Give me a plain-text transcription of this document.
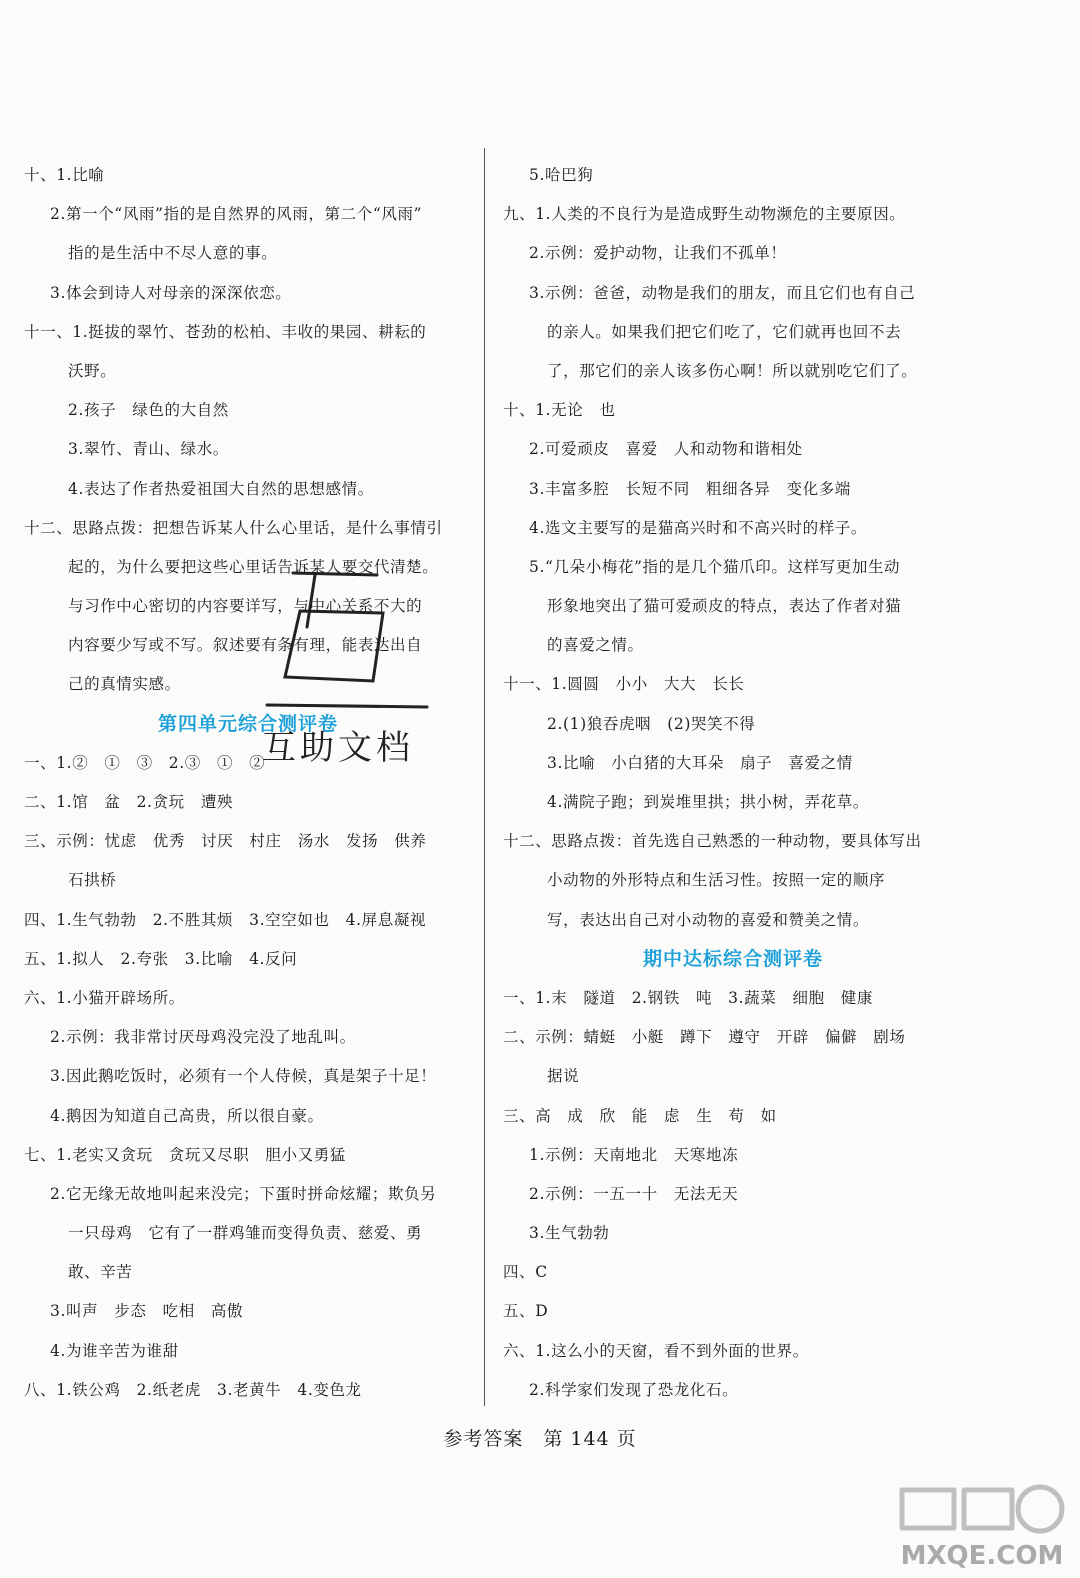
十、1.比喻
2.第一个“风雨”指的是自然界的风雨，第二个“风雨”
指的是生活中不尽人意的事。
3.体会到诗人对母亲的深深依恋。
十一、1.挺拔的翠竹、苍劲的松柏、丰收的果园、耕耘的
沃野。
2.孩子　绿色的大自然
3.翠竹、青山、绿水。
4.表达了作者热爱祖国大自然的思想感情。
十二、思路点拨：把想告诉某人什么心里话，是什么事情引
起的，为什么要把这些心里话告诉某人要交代清楚。
与习作中心密切的内容要详写，与中心关系不大的
内容要少写或不写。叙述要有条有理，能表达出自
己的真情实感。
第四单元综合测评卷
一、1.②　①　③　2.③　①　②
二、1.馆　盆　2.贪玩　遭殃
三、示例：忧虑　优秀　讨厌　村庄　汤水　发扬　供养
石拱桥
四、1.生气勃勃　2.不胜其烦　3.空空如也　4.屏息凝视
五、1.拟人　2.夸张　3.比喻　4.反问
六、1.小猫开辟场所。
2.示例：我非常讨厌母鸡没完没了地乱叫。
3.因此鹅吃饭时，必须有一个人侍候，真是架子十足！
4.鹅因为知道自己高贵，所以很自豪。
七、1.老实又贪玩　贪玩又尽职　胆小又勇猛
2.它无缘无故地叫起来没完；下蛋时拼命炫耀；欺负另
一只母鸡　它有了一群鸡雏而变得负责、慈爱、勇
敢、辛苦
3.叫声　步态　吃相　高傲
4.为谁辛苦为谁甜
八、1.铁公鸡　2.纸老虎　3.老黄牛　4.变色龙
5.哈巴狗
九、1.人类的不良行为是造成野生动物濒危的主要原因。
2.示例：爱护动物，让我们不孤单！
3.示例：爸爸，动物是我们的朋友，而且它们也有自己
的亲人。如果我们把它们吃了，它们就再也回不去
了，那它们的亲人该多伤心啊！所以就别吃它们了。
十、1.无论　也
2.可爱顽皮　喜爱　人和动物和谐相处
3.丰富多腔　长短不同　粗细各异　变化多端
4.选文主要写的是猫高兴时和不高兴时的样子。
5.“几朵小梅花”指的是几个猫爪印。这样写更加生动
形象地突出了猫可爱顽皮的特点，表达了作者对猫
的喜爱之情。
十一、1.圆圆　小小　大大　长长
2.(1)狼吞虎咽　(2)哭笑不得
3.比喻　小白猪的大耳朵　扇子　喜爱之情
4.满院子跑；到炭堆里拱；拱小树，弄花草。
十二、思路点拨：首先选自己熟悉的一种动物，要具体写出
小动物的外形特点和生活习性。按照一定的顺序
写，表达出自己对小动物的喜爱和赞美之情。
期中达标综合测评卷
一、1.末　隧道　2.钢铁　吨　3.蔬菜　细胞　健康
二、示例：蜻蜓　小艇　蹲下　遵守　开辟　偏僻　剧场
据说
三、高　成　欣　能　虑　生　苟　如
1.示例：天南地北　天寒地冻
2.示例：一五一十　无法无天
3.生气勃勃
四、C
五、D
六、1.这么小的天窗，看不到外面的世界。
2.科学家们发现了恐龙化石。
互助文档
参考答案　第 144 页
MXQE.COM
